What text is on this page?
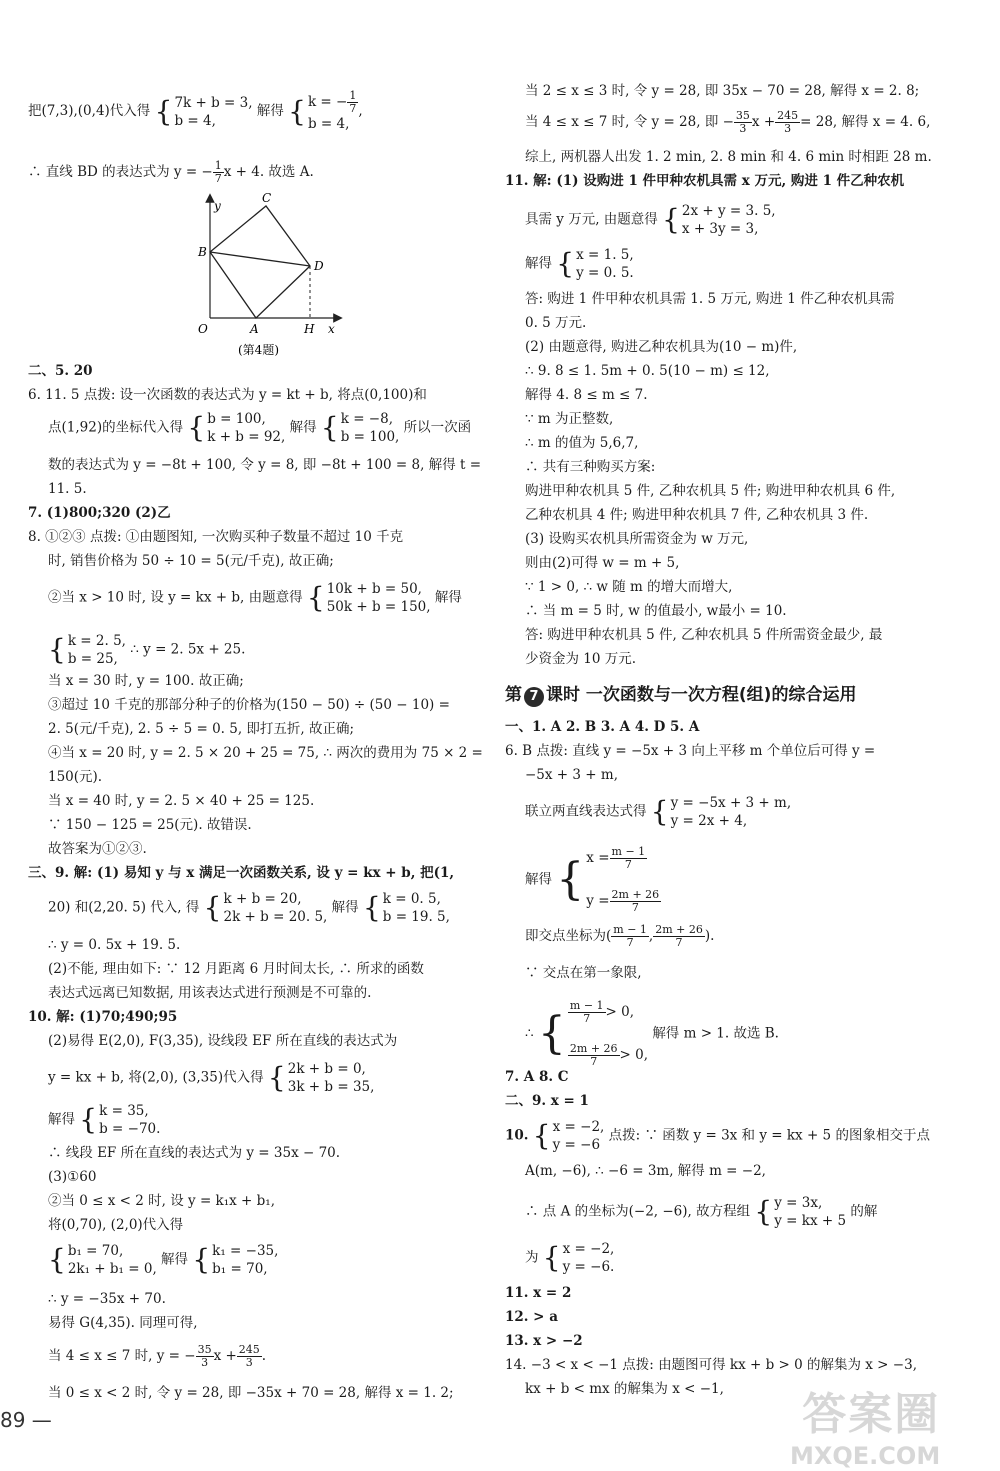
把(7,3),(0,4)代入得 { 7k + b = 3,
b = 4, 解得 { k = − $\frac{1}{7}$

b = 4,,
∴ 直线 BD 的表达式为 y = − $\frac{1}{7}$ x + 4. 故选 A.
y
x
O	A	H
B
C
D
(第4题)
二、5. 20
6. 11. 5 点拨: 设一次函数的表达式为 y = kt + b, 将点(0,100)和
点(1,92)的坐标代入得 { b = 100,
k + b = 92, 解得 { k = −8,
b = 100, 所以一次函
数的表达式为 y = −8t + 100, 令 y = 8, 即 −8t + 100 = 8, 解得 t =
11. 5.
7. (1)800;320 (2)乙
8. ①②③ 点拨: ①由题图知, 一次购买种子数量不超过 10 千克
时, 销售价格为 50 ÷ 10 = 5(元/千克), 故正确;
②当 x > 10 时, 设 y = kx + b, 由题意得 { 10k + b = 50,
50k + b = 150, 解得
{ k = 2. 5,
b = 25, ∴ y = 2. 5x + 25.
当 x = 30 时, y = 100. 故正确;
③超过 10 千克的那部分种子的价格为(150 − 50) ÷ (50 − 10) =
2. 5(元/千克), 2. 5 ÷ 5 = 0. 5, 即打五折, 故正确;
④当 x = 20 时, y = 2. 5 × 20 + 25 = 75, ∴ 两次的费用为 75 × 2 =
150(元).
当 x = 40 时, y = 2. 5 × 40 + 25 = 125.
∵ 150 − 125 = 25(元). 故错误.
故答案为①②③.
三、9. 解: (1) 易知 y 与 x 满足一次函数关系, 设 y = kx + b, 把(1,
20) 和(2,20. 5) 代入, 得 { k + b = 20,
2k + b = 20. 5, 解得 { k = 0. 5,
b = 19. 5,
∴ y = 0. 5x + 19. 5.
(2)不能, 理由如下: ∵ 12 月距离 6 月时间太长, ∴ 所求的函数
表达式远离已知数据, 用该表达式进行预测是不可靠的.
10. 解: (1)70;490;95
(2)易得 E(2,0), F(3,35), 设线段 EF 所在直线的表达式为
y = kx + b, 将(2,0), (3,35)代入得 { 2k + b = 0,
3k + b = 35,
解得 { k = 35,
b = −70.
∴ 线段 EF 所在直线的表达式为 y = 35x − 70.
(3)①60
②当 0 ≤ x < 2 时, 设 y = k₁x + b₁,
将(0,70), (2,0)代入得
{ b₁ = 70,
2k₁ + b₁ = 0, 解得 { k₁ = −35,
b₁ = 70,
∴ y = −35x + 70.
易得 G(4,35). 同理可得,
当 4 ≤ x ≤ 7 时, y = − $\frac{35}{3}$ $x + \frac{245}{3}$ .
当 0 ≤ x < 2 时, 令 y = 28, 即 −35x + 70 = 28, 解得 x = 1. 2;
当 2 ≤ x ≤ 3 时, 令 y = 28, 即 35x − 70 = 28, 解得 x = 2. 8;
当 4 ≤ x ≤ 7 时, 令 y = 28, 即 − $\frac{35}{3}$ $x + \frac{245}{3} = 28$, 解得 x = 4. 6,
综上, 两机器人出发 1. 2 min, 2. 8 min 和 4. 6 min 时相距 28 m.
11. 解: (1) 设购进 1 件甲种农机具需 x 万元, 购进 1 件乙种农机
具需 y 万元, 由题意得 { 2x + y = 3. 5,
x + 3y = 3,
解得 { x = 1. 5,
y = 0. 5.
答: 购进 1 件甲种农机具需 1. 5 万元, 购进 1 件乙种农机具需
0. 5 万元.
(2) 由题意得, 购进乙种农机具为(10 − m)件,
∴ 9. 8 ≤ 1. 5m + 0. 5(10 − m) ≤ 12,
解得 4. 8 ≤ m ≤ 7.
∵ m 为正整数,
∴ m 的值为 5,6,7,
∴ 共有三种购买方案:
购进甲种农机具 5 件, 乙种农机具 5 件; 购进甲种农机具 6 件,
乙种农机具 4 件; 购进甲种农机具 7 件, 乙种农机具 3 件.
(3) 设购买农机具所需资金为 w 万元,
则由(2)可得 w = m + 5,
∵ 1 > 0, ∴ w 随 m 的增大而增大,
∴ 当 m = 5 时, w 的值最小, w最小 = 10.
答: 购进甲种农机具 5 件, 乙种农机具 5 件所需资金最少, 最
少资金为 10 万元.
第 7 课时 一次函数与一次方程(组)的综合运用
一、1. A 2. B 3. A 4. D 5. A
6. B 点拨: 直线 y = −5x + 3 向上平移 m 个单位后可得 y =
−5x + 3 + m,
联立两直线表达式得 { y = −5x + 3 + m,
y = 2x + 4,
解得 { $x = \frac{m - 1}{7}$

$y = \frac{2m + 26}{7}$
即交点坐标为( $\frac{m - 1}{7}$ , $\frac{2m + 26}{7}$ ).
∵ 交点在第一象限,
∴ { $\frac{m - 1}{7} > 0$,

$\frac{2m + 26}{7} > 0$, 解得 m > 1. 故选 B.
7. A 8. C
二、9. x = 1
10. { x = −2,
y = −6 点拨: ∵ 函数 y = 3x 和 y = kx + 5 的图象相交于点
A(m, −6), ∴ −6 = 3m, 解得 m = −2,
∴ 点 A 的坐标为(−2, −6), 故方程组 { y = 3x,
y = kx + 5 的解
为 { x = −2,
y = −6.
11. x = 2
12. > a
13. x > −2
14. −3 < x < −1 点拨: 由题图可得 kx + b > 0 的解集为 x > −3,
kx + b < mx 的解集为 x < −1,
89 —	答案圈
MXQE.COM
